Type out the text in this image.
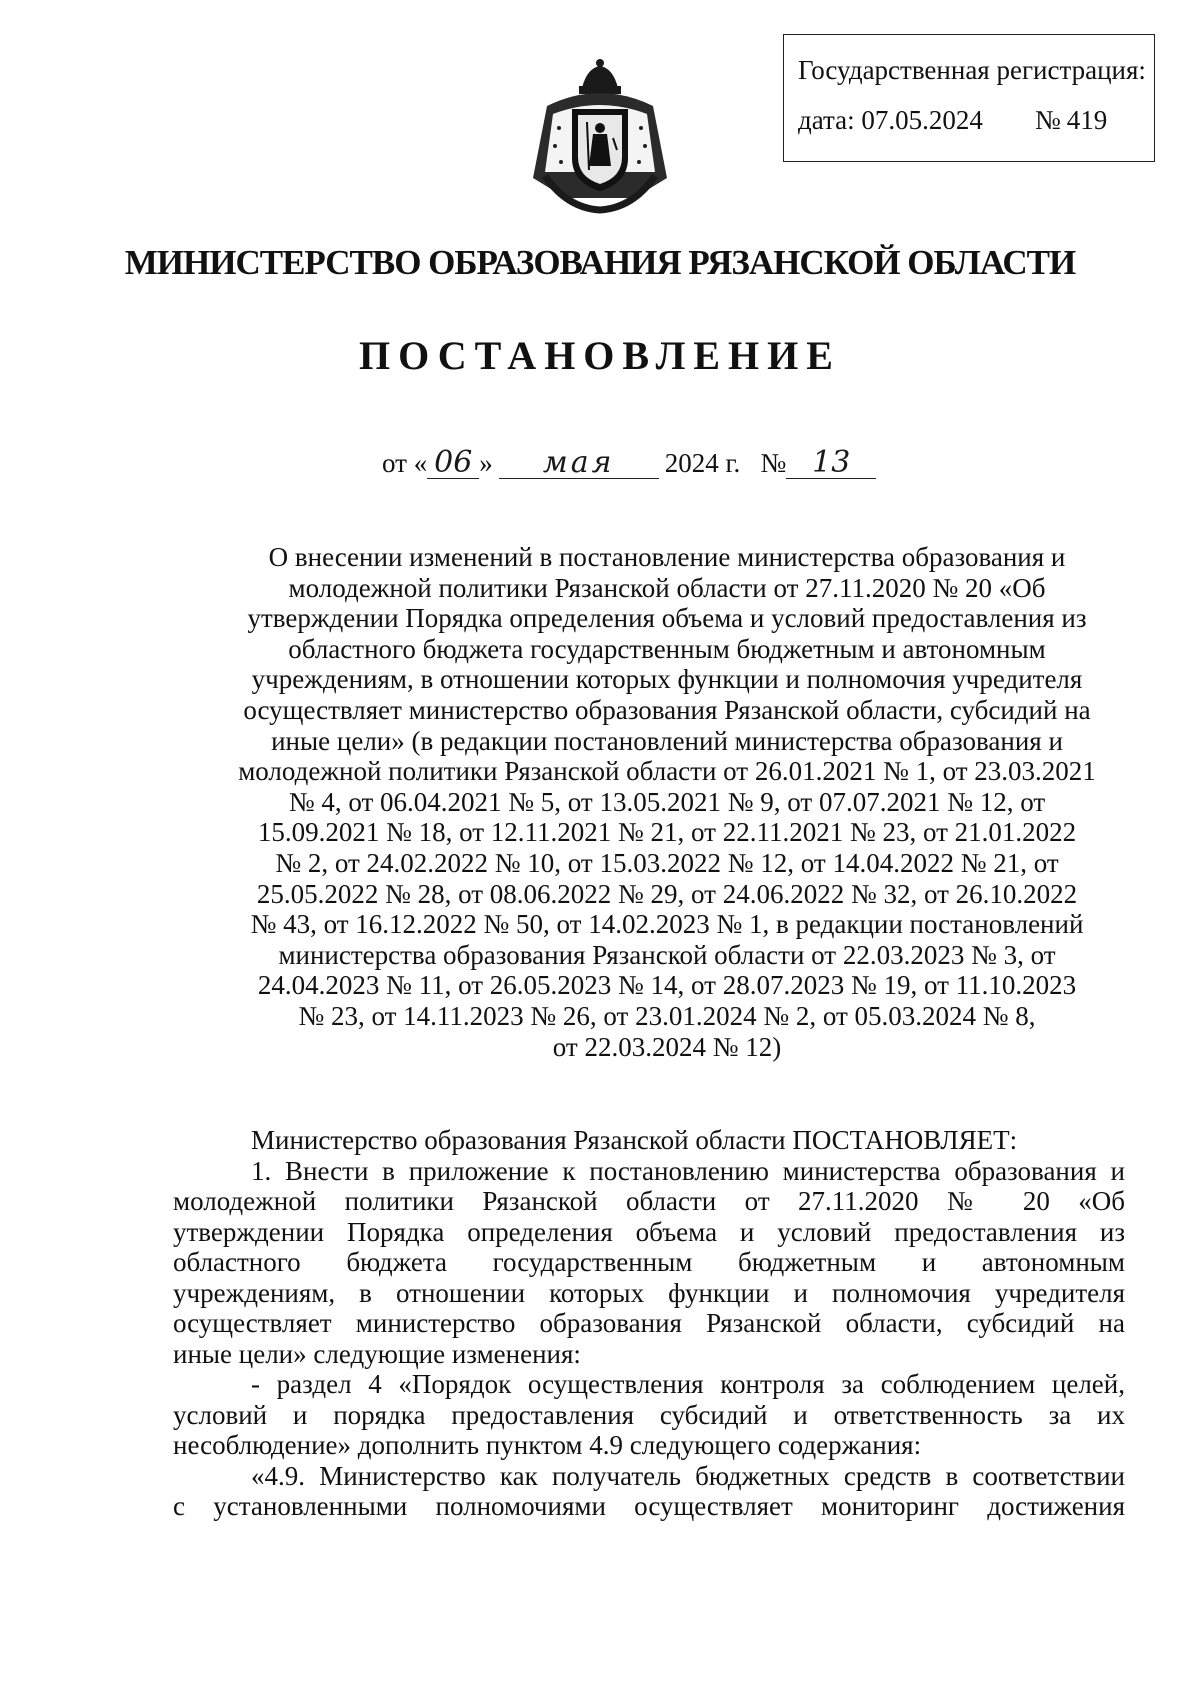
Государственная регистрация:
дата: 07.05.2024 № 419
МИНИСТЕРСТВО ОБРАЗОВАНИЯ РЯЗАНСКОЙ ОБЛАСТИ
ПОСТАНОВЛЕНИЕ
от « 06 » мая 2024 г. № 13
О внесении изменений в постановление министерства образования и
молодежной политики Рязанской области от 27.11.2020 № 20 «Об
утверждении Порядка определения объема и условий предоставления из
областного бюджета государственным бюджетным и автономным
учреждениям, в отношении которых функции и полномочия учредителя
осуществляет министерство образования Рязанской области, субсидий на
иные цели» (в редакции постановлений министерства образования и
молодежной политики Рязанской области от 26.01.2021 № 1, от 23.03.2021
№ 4, от 06.04.2021 № 5, от 13.05.2021 № 9, от 07.07.2021 № 12, от
15.09.2021 № 18, от 12.11.2021 № 21, от 22.11.2021 № 23, от 21.01.2022
№ 2, от 24.02.2022 № 10, от 15.03.2022 № 12, от 14.04.2022 № 21, от
25.05.2022 № 28, от 08.06.2022 № 29, от 24.06.2022 № 32, от 26.10.2022
№ 43, от 16.12.2022 № 50, от 14.02.2023 № 1, в редакции постановлений
министерства образования Рязанской области от 22.03.2023 № 3, от
24.04.2023 № 11, от 26.05.2023 № 14, от 28.07.2023 № 19, от 11.10.2023
№ 23, от 14.11.2023 № 26, от 23.01.2024 № 2, от 05.03.2024 № 8,
от 22.03.2024 № 12)
Министерство образования Рязанской области ПОСТАНОВЛЯЕТ:
1. Внести в приложение к постановлению министерства образования и
молодежной политики Рязанской области от 27.11.2020 № 20 «Об
утверждении Порядка определения объема и условий предоставления из
областного бюджета государственным бюджетным и автономным
учреждениям, в отношении которых функции и полномочия учредителя
осуществляет министерство образования Рязанской области, субсидий на
иные цели» следующие изменения:
- раздел 4 «Порядок осуществления контроля за соблюдением целей,
условий и порядка предоставления субсидий и ответственность за их
несоблюдение» дополнить пунктом 4.9 следующего содержания:
«4.9. Министерство как получатель бюджетных средств в соответствии
с установленными полномочиями осуществляет мониторинг достижения
